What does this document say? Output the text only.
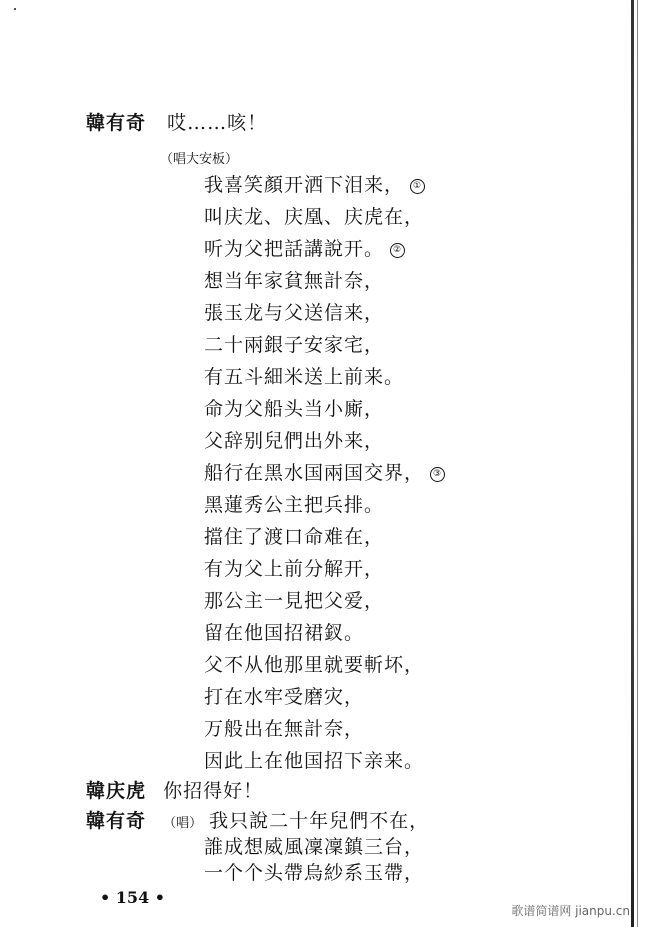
韓有奇 哎……咳！
（唱大安板）
我喜笑顏开洒下泪来， ①
叫庆龙、庆凰、庆虎在，
听为父把話講說开。 ②
想当年家貧無計奈，
張玉龙与父送信来，
二十兩銀子安家宅，
有五斗細米送上前来。
命为父船头当小廝，
父辞别兒們出外来，
船行在黑水国兩国交界， ③
黑蓮秀公主把兵排。
擋住了渡口命难在，
有为父上前分解开，
那公主一見把父爱，
留在他国招裙釵。
父不从他那里就要斬坏，
打在水牢受磨灾，
万般出在無計奈，
因此上在他国招下亲来。
韓庆虎 你招得好！
韓有奇 （唱） 我只說二十年兒們不在，
誰成想威風凜凜鎮三台，
一个个头帶烏紗系玉帶，
• 154 •
歌谱简谱网 jianpu.cn
